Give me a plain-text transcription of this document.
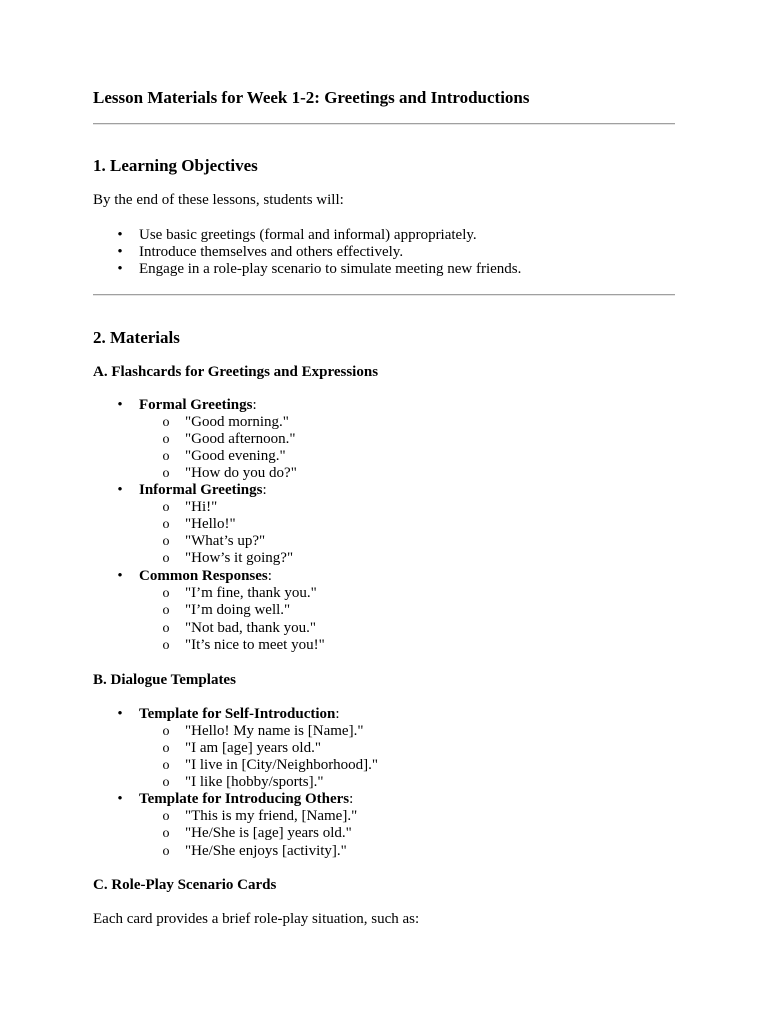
Lesson Materials for Week 1-2: Greetings and Introductions
1. Learning Objectives
By the end of these lessons, students will:
• Use basic greetings (formal and informal) appropriately.
• Introduce themselves and others effectively.
• Engage in a role-play scenario to simulate meeting new friends.
2. Materials
A. Flashcards for Greetings and Expressions
• Formal Greetings:
o "Good morning."
o "Good afternoon."
o "Good evening."
o "How do you do?"
• Informal Greetings:
o "Hi!"
o "Hello!"
o "What’s up?"
o "How’s it going?"
• Common Responses:
o "I’m fine, thank you."
o "I’m doing well."
o "Not bad, thank you."
o "It’s nice to meet you!"
B. Dialogue Templates
• Template for Self-Introduction:
o "Hello! My name is [Name]."
o "I am [age] years old."
o "I live in [City/Neighborhood]."
o "I like [hobby/sports]."
• Template for Introducing Others:
o "This is my friend, [Name]."
o "He/She is [age] years old."
o "He/She enjoys [activity]."
C. Role-Play Scenario Cards
Each card provides a brief role-play situation, such as:
